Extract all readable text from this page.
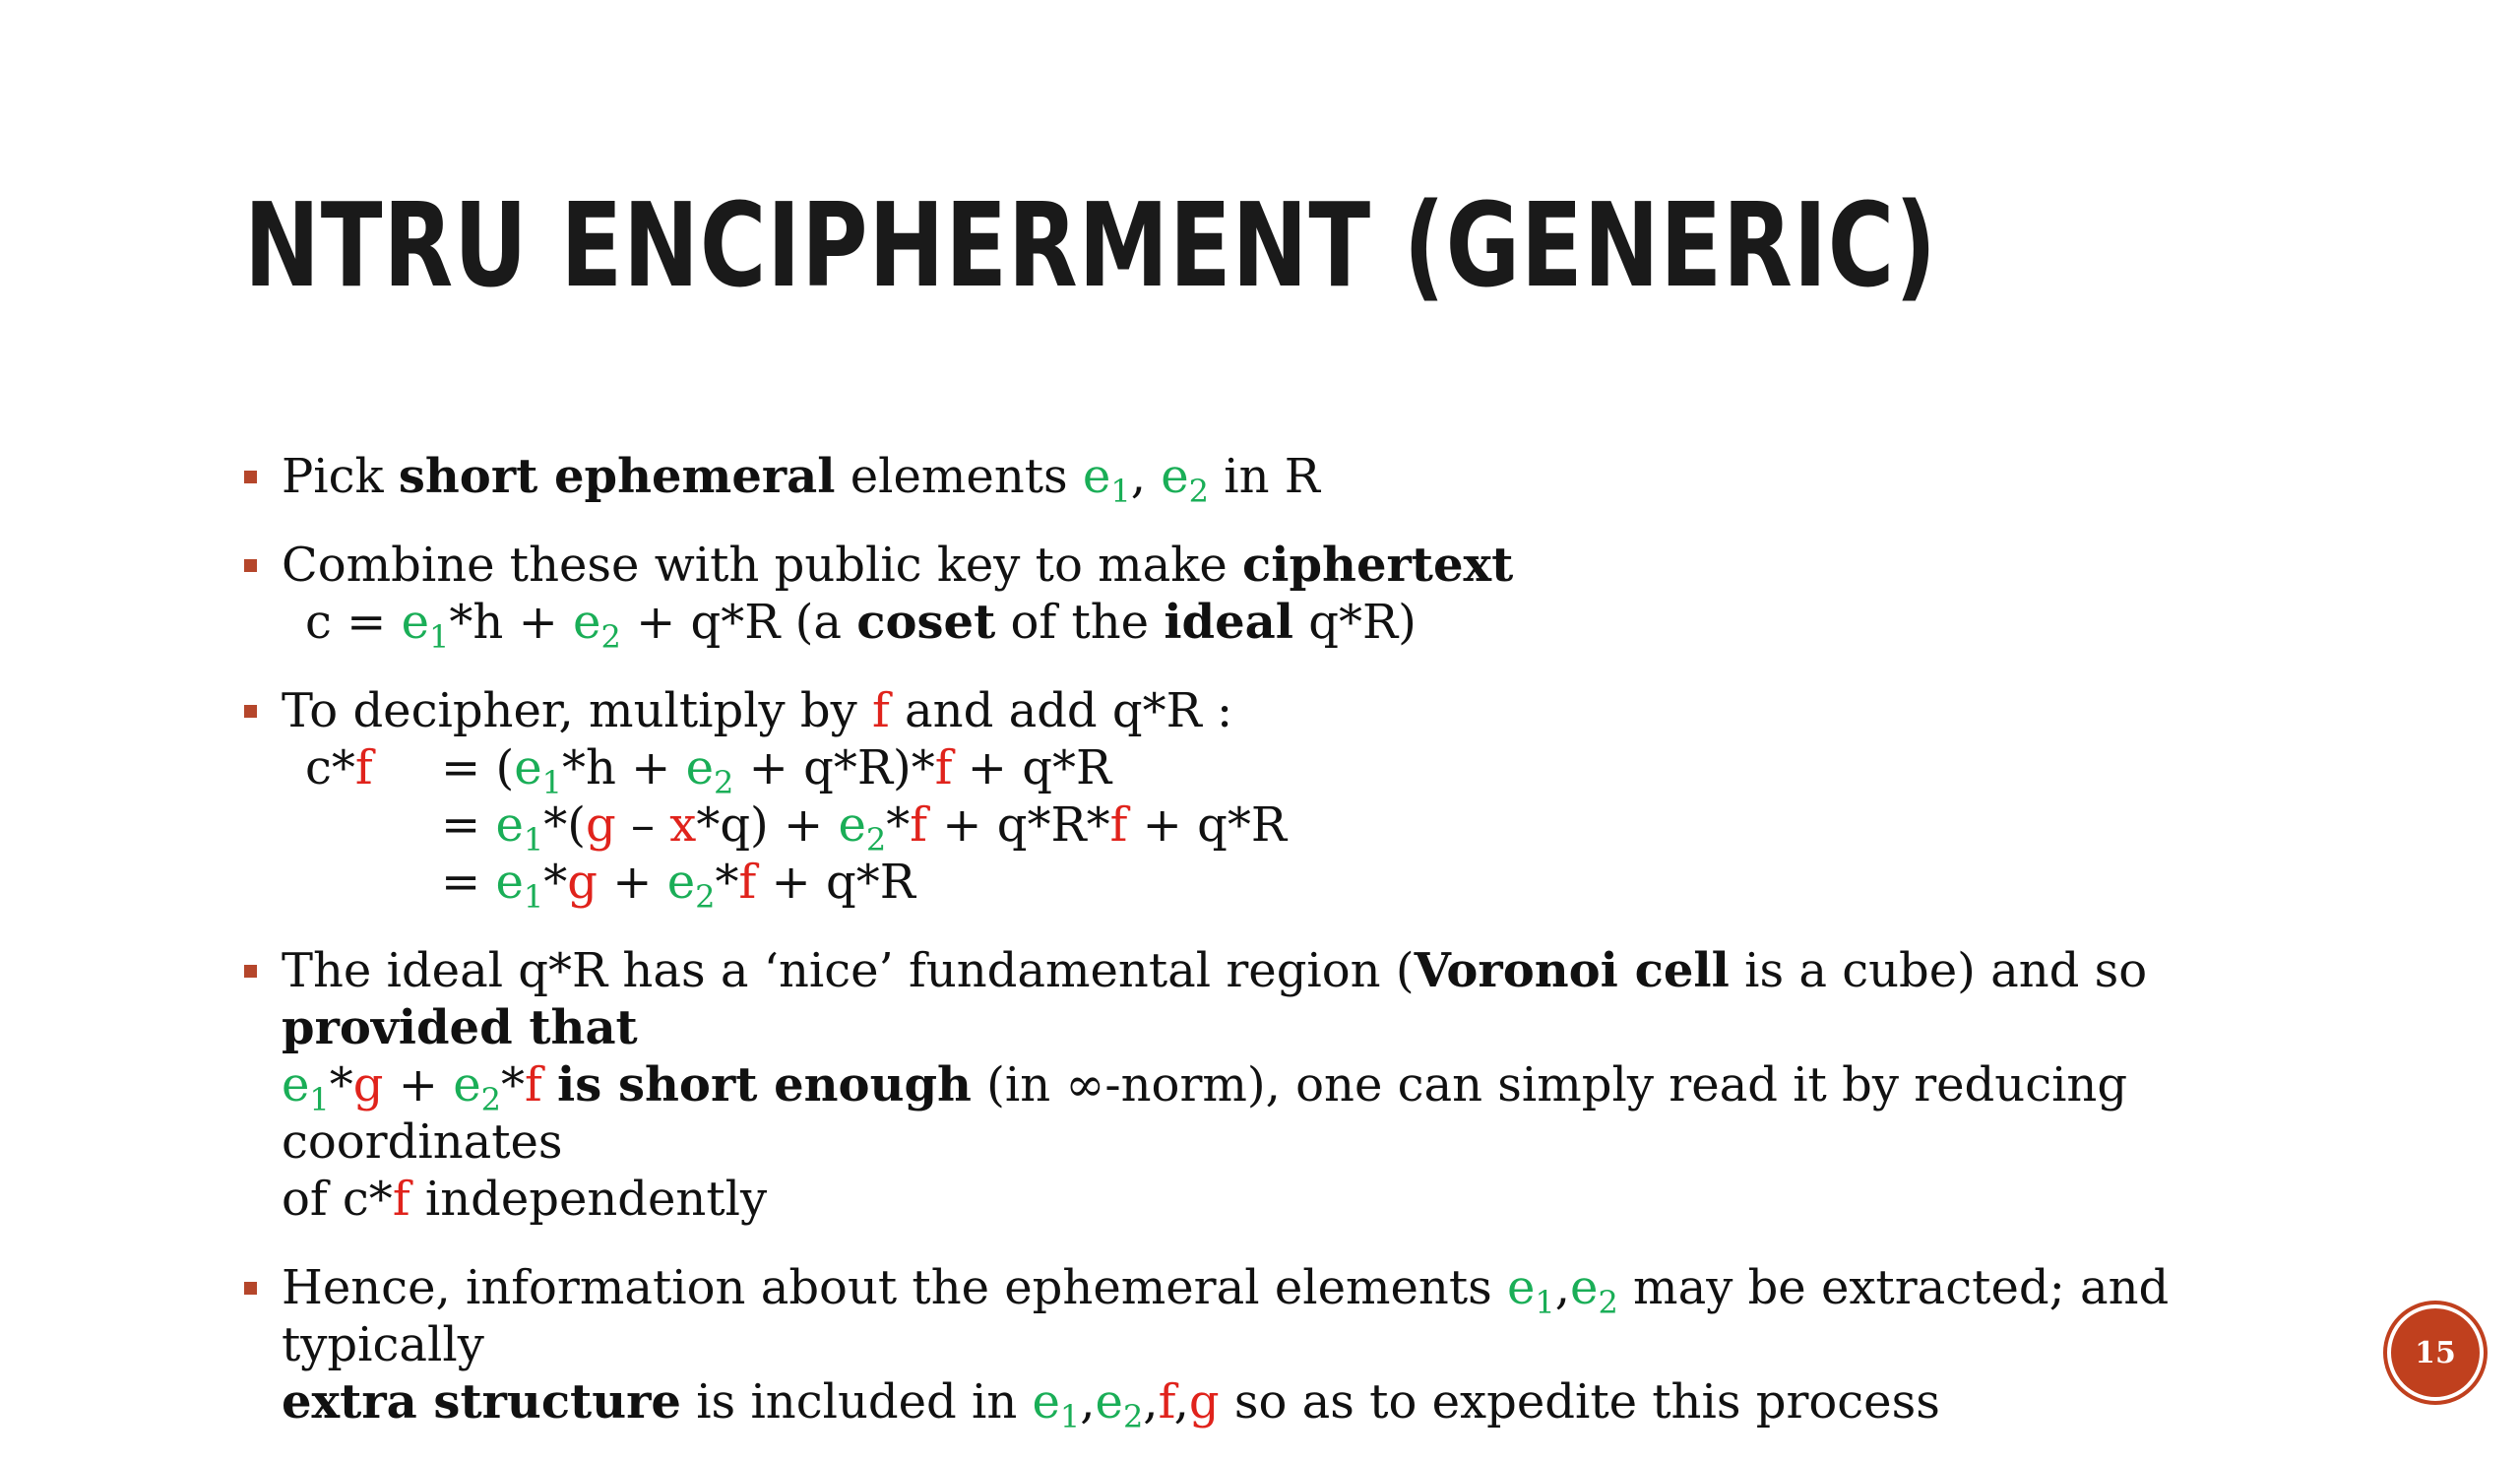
NTRU ENCIPHERMENT (GENERIC)
Pick short ephemeral elements $e_1$, $e_2$ in R
Combine these with public key to make ciphertext
$c = e_1*h + e_2 + q*R$ (a coset of the ideal q*R)
To decipher, multiply by f and add q*R :
c*f	= $(e_1*h + e_2 + q*R)*f + q*R$
= $e_1*(g - x*q) + e_2*f + q*R*f + q*R$
= $e_1*g + e_2*f + q*R$
The ideal q*R has a ‘nice’ fundamental region (Voronoi cell is a cube) and so provided that
$e_1*g + e_2*f$ is short enough (in ∞-norm), one can simply read it by reducing coordinates
of c*f independently
Hence, information about the ephemeral elements $e_1,e_2$ may be extracted; and typically
extra structure is included in $e_1,e_2,f,g$ so as to expedite this process
15
